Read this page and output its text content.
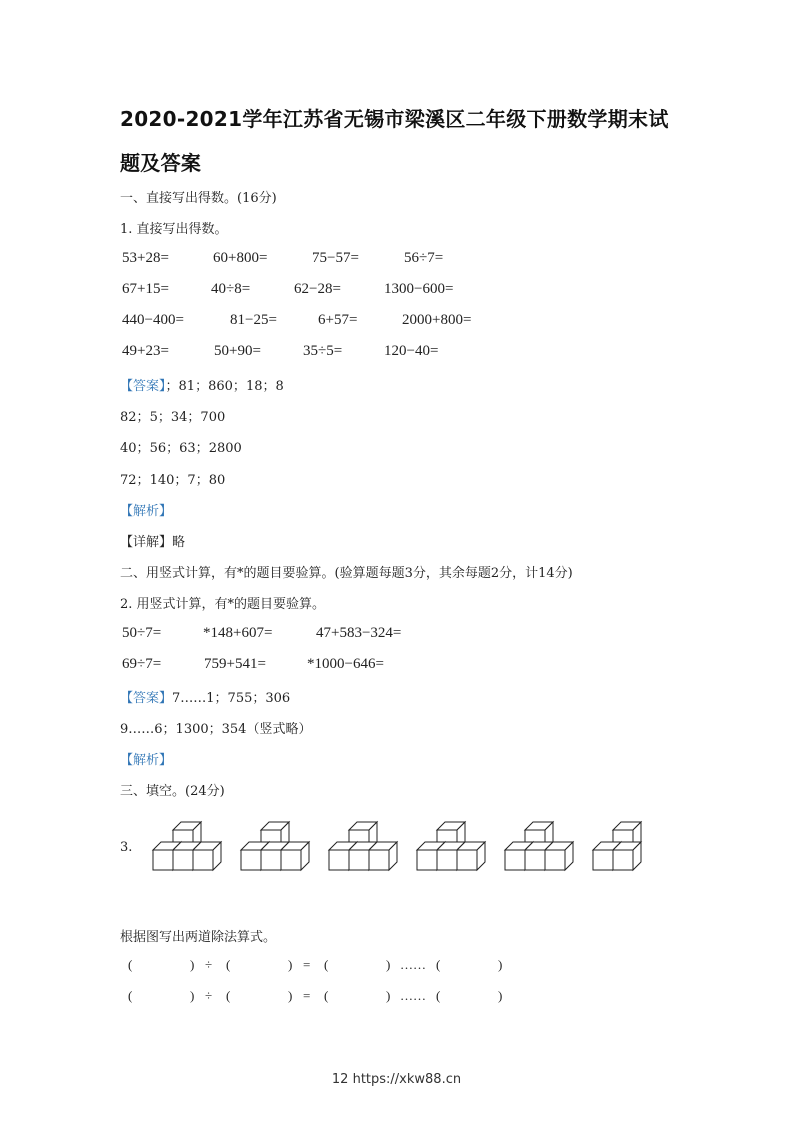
2020-2021学年江苏省无锡市梁溪区二年级下册数学期末试
题及答案
一、直接写出得数。(16分)
1. 直接写出得数。
53+28=	60+800=	75−57=	56÷7=
67+15=	40÷8=	62−28=	1300−600=
440−400=	81−25=	6+57=	2000+800=
49+23=	50+90=	35÷5=	120−40=
【答案】 ； 81 ； 860 ； 18 ； 8
82 ； 5 ； 34 ； 700
40 ； 56 ； 63 ； 2800
72 ； 140 ； 7 ； 80
【解析】
【详解】略
二、用竖式计算，有*的题目要验算。(验算题每题3分，其余每题2分，计14分)
2. 用竖式计算，有*的题目要验算。
50÷7=	*148+607=	47+583−324=
69÷7=	759+541=	*1000−646=
【答案】7……1；755；306
9……6；1300；354（竖式略）
【解析】
三、填空。(24分)
3.
根据图写出两道除法算式。
(	) ÷ (	) = (	) …… (	)
(	) ÷ (	) = (	) …… (	)
12 https://xkw88.cn
